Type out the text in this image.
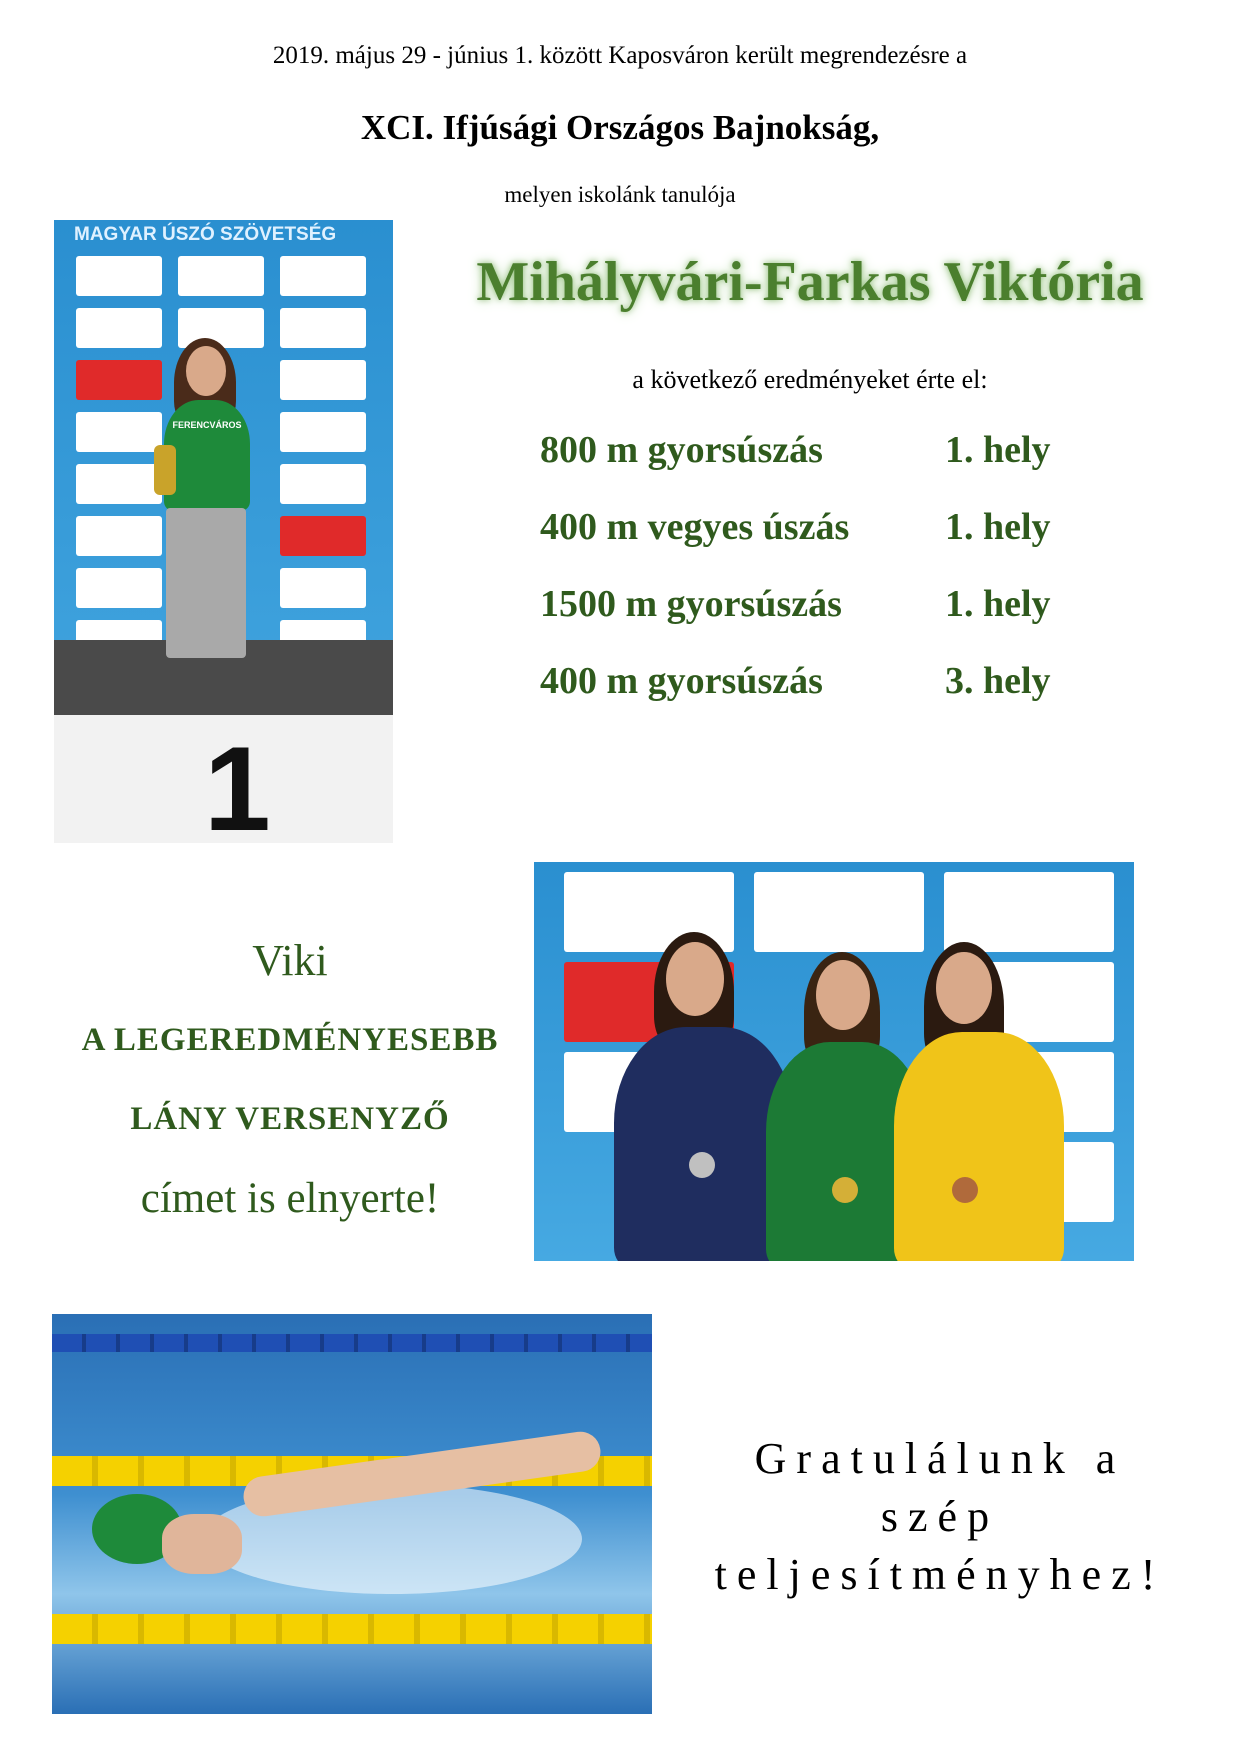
2019. május 29 - június 1. között Kaposváron került megrendezésre a
XCI. Ifjúsági Országos Bajnokság,
melyen iskolánk tanulója
Mihályvári-Farkas Viktória
a következő eredményeket érte el:
800 m gyorsúszás	1. hely
400 m vegyes úszás	1. hely
1500 m gyorsúszás	1. hely
400 m gyorsúszás	3. hely
MAGYAR ÚSZÓ SZÖVETSÉG
1
FERENCVÁROS
Viki
A LEGEREDMÉNYESEBB
LÁNY VERSENYZŐ
címet is elnyerte!
Gratulálunk a
szép
teljesítményhez!
